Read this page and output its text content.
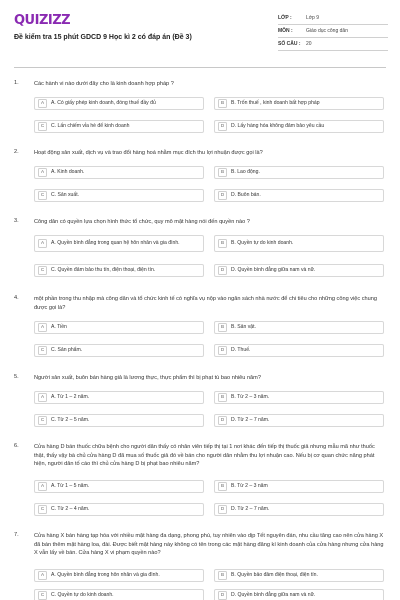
QUIZIZZ
Đề kiểm tra 15 phút GDCD 9 Học kì 2 có đáp án (Đề 3)
LỚP :	Lớp 9
MÔN :	Giáo dục công dân
SỐ CÂU :	20
1.	Các hành vi nào dưới đây cho là kinh doanh hợp pháp ?
A	A. Có giấy phép kinh doanh, đóng thuế đầy đủ	B	B. Trốn thuế , kinh doanh bất hợp pháp
C	C. Lấn chiếm vỉa hè để kinh doanh	D	D. Lấy hàng hóa không đảm bảo yêu cầu
2.	Hoạt động sản xuất, dịch vụ và trao đổi hàng hoá nhằm mục đích thu lợi nhuận được gọi là?
A	A. Kinh doanh.	B	B. Lao động.
C	C. Sản xuất.	D	D. Buôn bán.
3.	Công dân có quyền lựa chọn hình thức tổ chức, quy mô mặt hàng nói đến quyền nào ?
A	A. Quyền bình đẳng trong quan hệ hôn nhân và gia đình.	B	B. Quyền tự do kinh doanh.
C	C. Quyền đảm bảo thu tín, điện thoại, điện tín.	D	D. Quyền bình đẳng giữa nam và nữ.
4.	một phần trong thu nhập mà công dân và tổ chức kinh tế có nghĩa vụ nộp vào ngân sách nhà nước để chi tiêu cho những công việc chung được gọi là?
A	A. Tiền	B	B. Sản vật.
C	C. Sản phẩm.	D	D. Thuế.
5.	Người sản xuất, buôn bán hàng giả là lương thực, thực phẩm thì bị phạt tù bao nhiêu năm?
A	A. Từ 1 – 2 năm.	B	B. Từ 2 – 3 năm.
C	C. Từ 2 – 5 năm.	D	D. Từ 2 – 7 năm.
6.	Cửa hàng D bán thuốc chữa bệnh cho người dân thấy có nhân viên tiếp thị tại 1 nơi khác đến tiếp thị thuốc giả nhưng mẫu mã như thuốc thật, thấy vậy bà chủ cửa hàng D đã mua số thuốc giả đó về bán cho người dân nhằm thu lợi nhuận cao. Nếu bị cơ quan chức năng phát hiện, người dân tố cáo thì chủ cửa hàng D bị phạt bao nhiêu năm?
A	A. Từ 1 – 5 năm.	B	B. Từ 2 – 3 năm
C	C. Từ 2 – 4 năm.	D	D. Từ 2 – 7 năm.
7.	Cửa hàng X bán hàng tạp hóa với nhiều mặt hàng đa dạng, phong phú, tuy nhiên vào dịp Tết nguyên đán, nhu cầu tăng cao nên cửa hàng X đã bán thêm mặt hàng loa, đài. Được biết mặt hàng này không có tên trong các mặt hàng đăng kí kinh doanh của cửa hàng nhưng cửa hàng X vẫn lấy về bán. Cửa hàng X vi phạm quyền nào?
A	A. Quyền bình đẳng trong hôn nhân và gia đình.	B	B. Quyền bảo đảm điện thoại, điện tín.
C	C. Quyền tự do kinh doanh.	D	D. Quyền bình đẳng giữa nam và nữ.
